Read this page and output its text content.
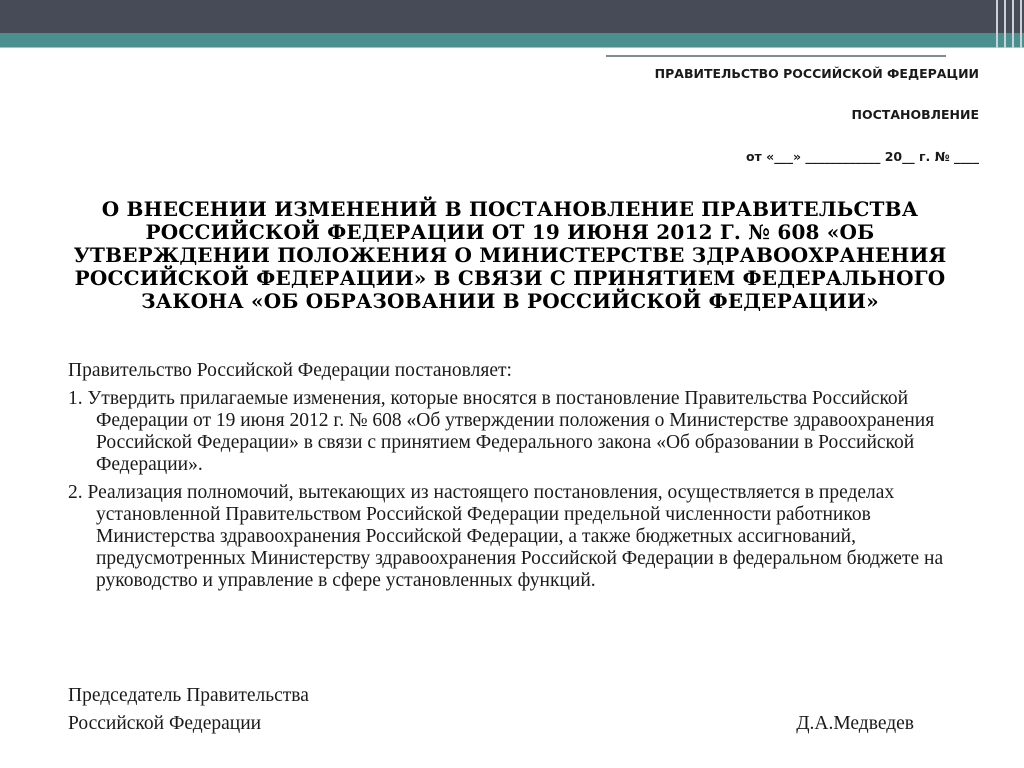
ПРАВИТЕЛЬСТВО РОССИЙСКОЙ ФЕДЕРАЦИИ
ПОСТАНОВЛЕНИЕ
от «___» ____________ 20__ г. № ____
О ВНЕСЕНИИ ИЗМЕНЕНИЙ В ПОСТАНОВЛЕНИЕ ПРАВИТЕЛЬСТВА РОССИЙСКОЙ ФЕДЕРАЦИИ ОТ 19 ИЮНЯ 2012 Г. № 608 «ОБ УТВЕРЖДЕНИИ ПОЛОЖЕНИЯ О МИНИСТЕРСТВЕ ЗДРАВООХРАНЕНИЯ РОССИЙСКОЙ ФЕДЕРАЦИИ» В СВЯЗИ С ПРИНЯТИЕМ ФЕДЕРАЛЬНОГО ЗАКОНА «ОБ ОБРАЗОВАНИИ В РОССИЙСКОЙ ФЕДЕРАЦИИ»

Правительство Российской Федерации постановляет:

1. Утвердить прилагаемые изменения, которые вносятся в постановление Правительства Российской Федерации от 19 июня 2012 г. № 608 «Об утверждении положения о Министерстве здравоохранения Российской Федерации» в связи с принятием Федерального закона «Об образовании в Российской Федерации».

2. Реализация полномочий, вытекающих из настоящего постановления, осуществляется в пределах установленной Правительством Российской Федерации предельной численности работников Министерства здравоохранения Российской Федерации, а также бюджетных ассигнований, предусмотренных Министерству здравоохранения Российской Федерации в федеральном бюджете на руководство и управление в сфере установленных функций.

Председатель Правительства
Российской Федерации	Д.А.Медведев
